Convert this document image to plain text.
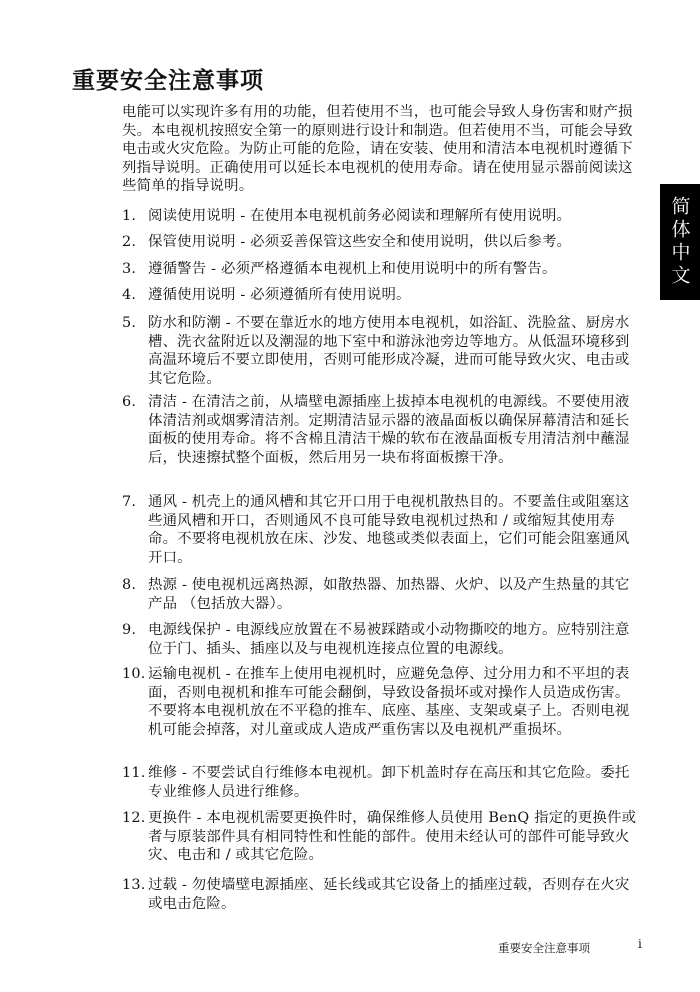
重要安全注意事项

电能可以实现许多有用的功能，但若使用不当，也可能会导致人身伤害和财产损失。本电视机按照安全第一的原则进行设计和制造。但若使用不当，可能会导致电击或火灾危险。为防止可能的危险，请在安装、使用和清洁本电视机时遵循下列指导说明。正确使用可以延长本电视机的使用寿命。请在使用显示器前阅读这些简单的指导说明。

1. 阅读使用说明 - 在使用本电视机前务必阅读和理解所有使用说明。
2. 保管使用说明 - 必须妥善保管这些安全和使用说明，供以后参考。
3. 遵循警告 - 必须严格遵循本电视机上和使用说明中的所有警告。
4. 遵循使用说明 - 必须遵循所有使用说明。
5. 防水和防潮 - 不要在靠近水的地方使用本电视机，如浴缸、洗脸盆、厨房水槽、洗衣盆附近以及潮湿的地下室中和游泳池旁边等地方。从低温环境移到高温环境后不要立即使用，否则可能形成冷凝，进而可能导致火灾、电击或其它危险。
6. 清洁 - 在清洁之前，从墙壁电源插座上拔掉本电视机的电源线。不要使用液体清洁剂或烟雾清洁剂。定期清洁显示器的液晶面板以确保屏幕清洁和延长面板的使用寿命。将不含棉且清洁干燥的软布在液晶面板专用清洁剂中蘸湿后，快速擦拭整个面板，然后用另一块布将面板擦干净。
7. 通风 - 机壳上的通风槽和其它开口用于电视机散热目的。不要盖住或阻塞这些通风槽和开口，否则通风不良可能导致电视机过热和 / 或缩短其使用寿命。不要将电视机放在床、沙发、地毯或类似表面上，它们可能会阻塞通风开口。
8. 热源 - 使电视机远离热源，如散热器、加热器、火炉、以及产生热量的其它产品 （包括放大器）。
9. 电源线保护 - 电源线应放置在不易被踩踏或小动物撕咬的地方。应特别注意位于门、插头、插座以及与电视机连接点位置的电源线。
10. 运输电视机 - 在推车上使用电视机时，应避免急停、过分用力和不平坦的表面，否则电视机和推车可能会翻倒，导致设备损坏或对操作人员造成伤害。不要将本电视机放在不平稳的推车、底座、基座、支架或桌子上。否则电视机可能会掉落，对儿童或成人造成严重伤害以及电视机严重损坏。
11. 维修 - 不要尝试自行维修本电视机。卸下机盖时存在高压和其它危险。委托专业维修人员进行维修。
12. 更换件 - 本电视机需要更换件时，确保维修人员使用 BenQ 指定的更换件或者与原装部件具有相同特性和性能的部件。使用未经认可的部件可能导致火灾、电击和 / 或其它危险。
13. 过载 - 勿使墙壁电源插座、延长线或其它设备上的插座过载，否则存在火灾或电击危险。
简体中文
重要安全注意事项	i
